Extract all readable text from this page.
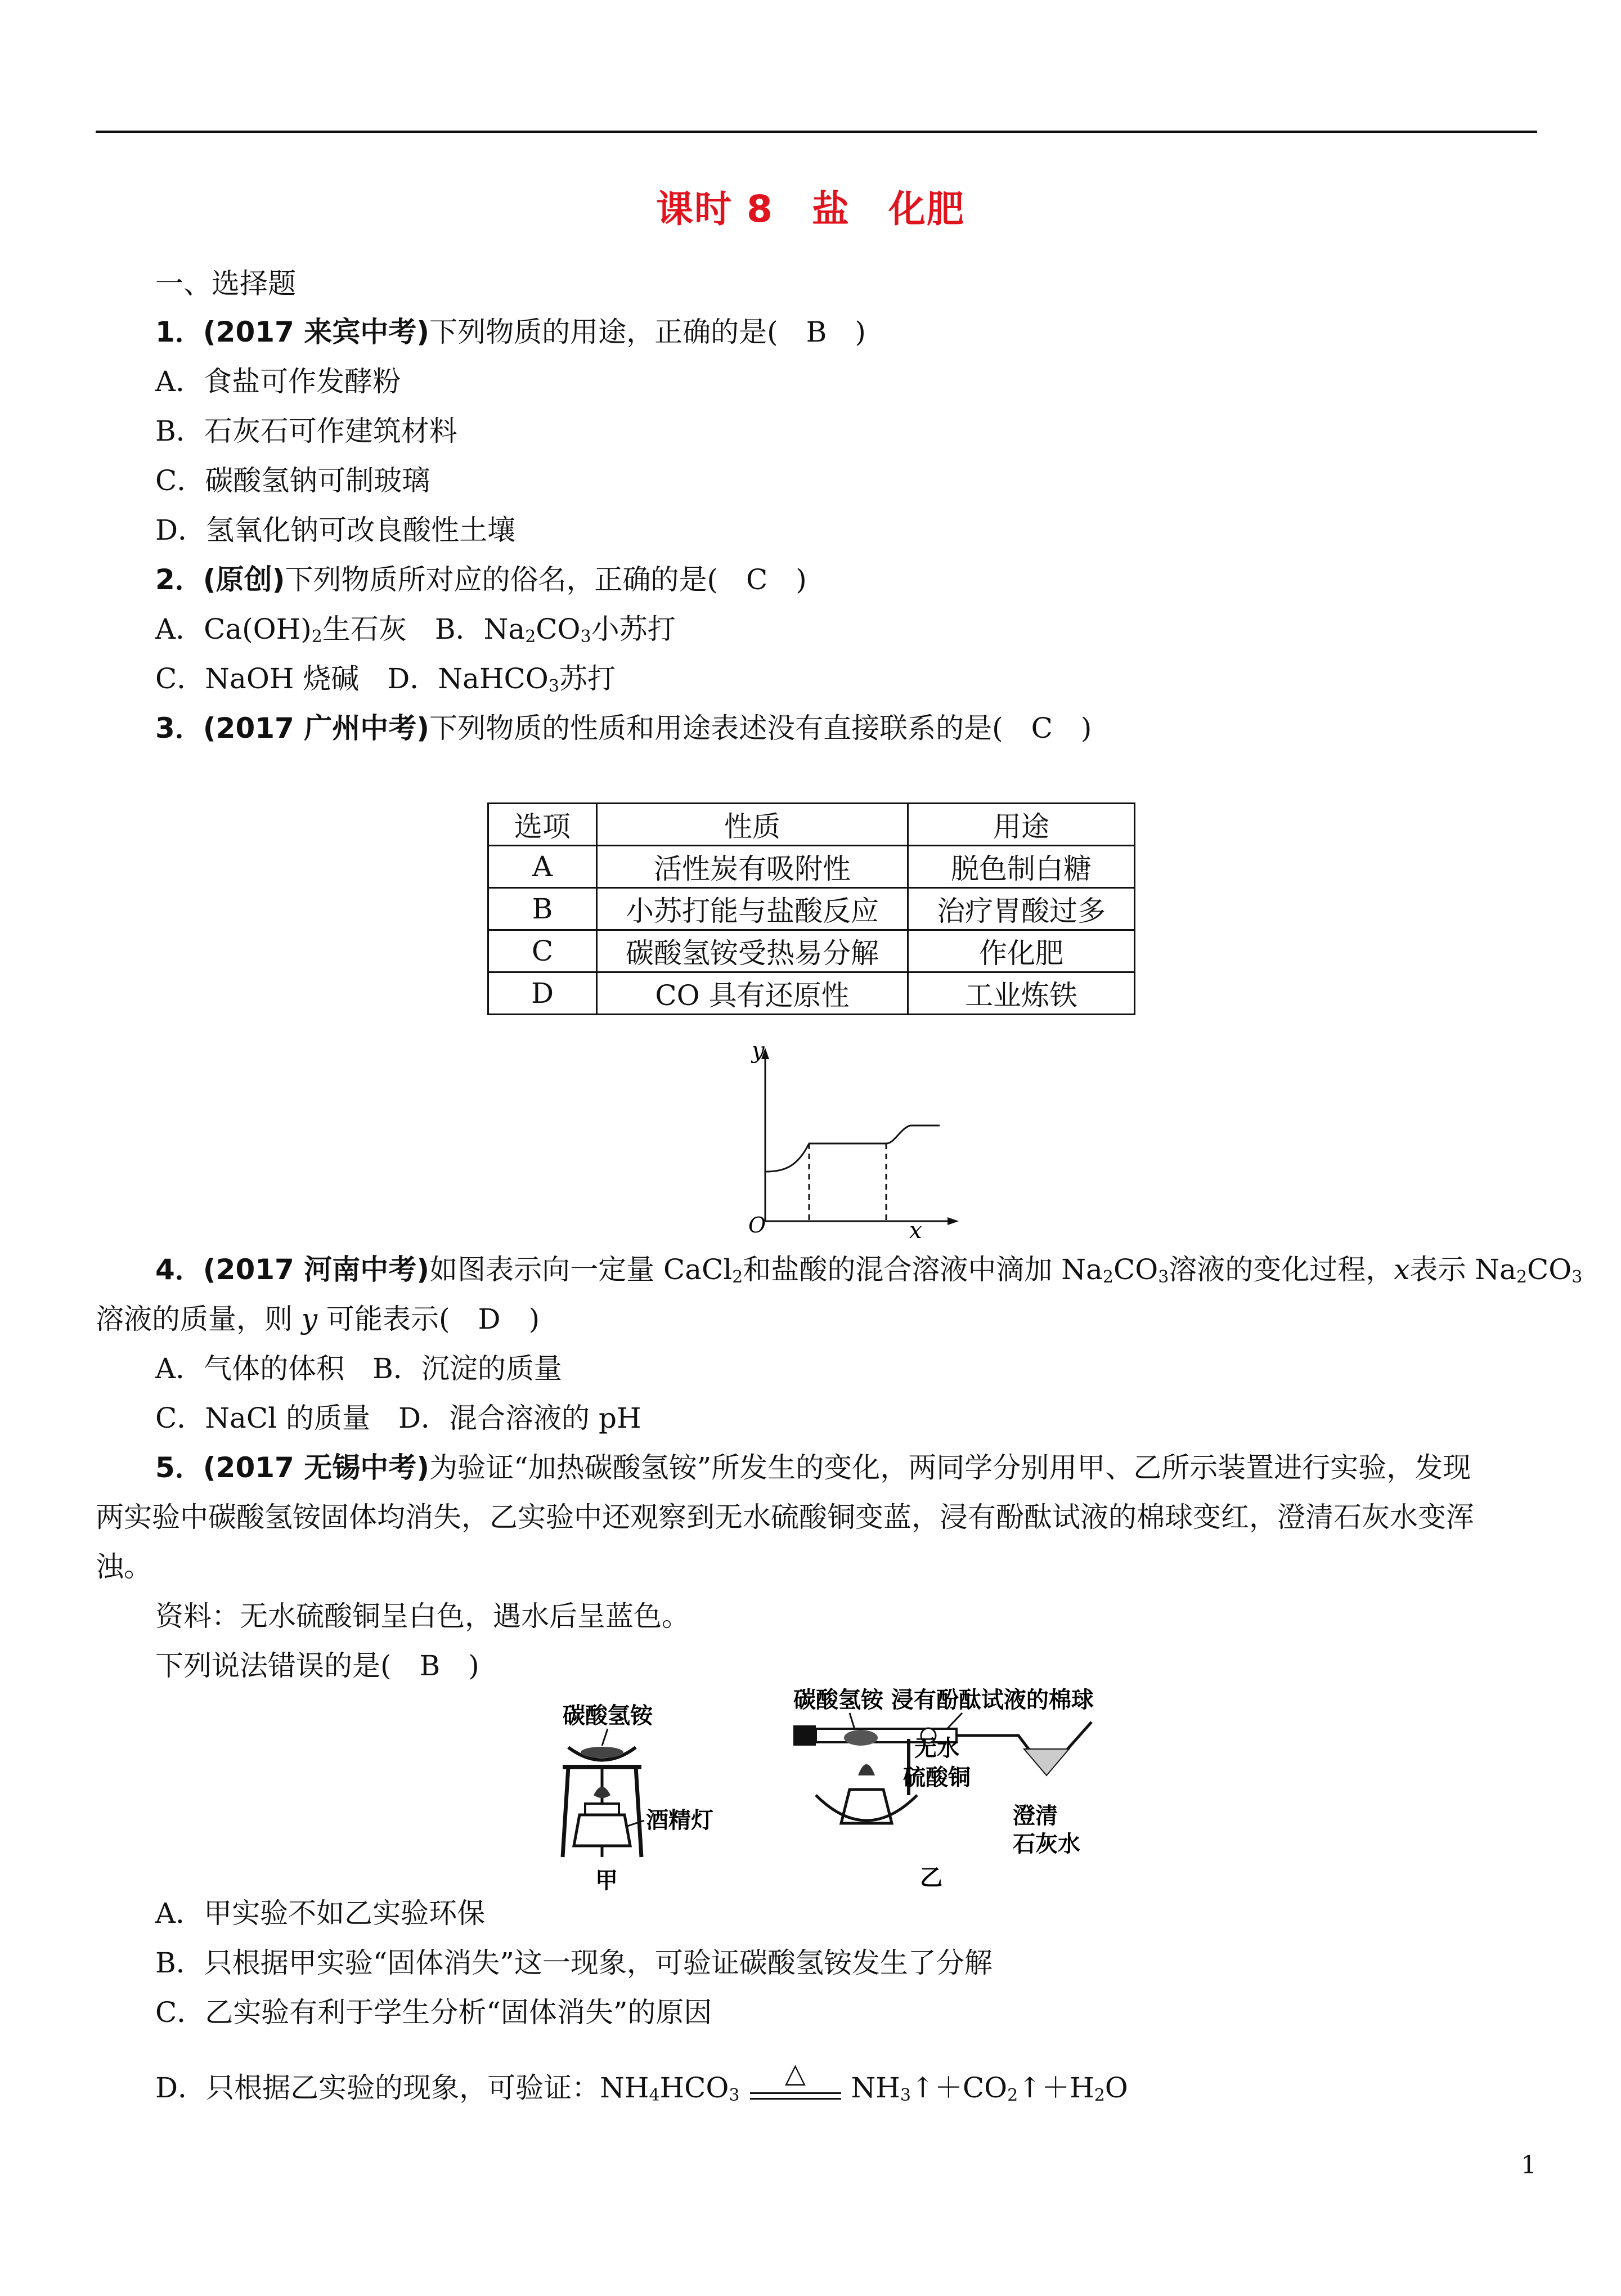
课时 8　盐　化肥
一、选择题
1．(2017 来宾中考)下列物质的用途，正确的是(　B　)
A．食盐可作发酵粉
B．石灰石可作建筑材料
C．碳酸氢钠可制玻璃
D．氢氧化钠可改良酸性土壤
2．(原创)下列物质所对应的俗名，正确的是(　C　)
A．$Ca(OH)_2$生石灰　B．$Na_2CO_3$小苏打
C．NaOH 烧碱　D．NaHCO$_3$苏打
3．(2017 广州中考)下列物质的性质和用途表述没有直接联系的是(　C　)
选项	性质	用途
A	活性炭有吸附性	脱色制白糖
B	小苏打能与盐酸反应	治疗胃酸过多
C	碳酸氢铵受热易分解	作化肥
D	CO 具有还原性	工业炼铁
y
O	x
4．(2017 河南中考)如图表示向一定量 CaCl$_2$和盐酸的混合溶液中滴加 $Na_2CO_3$溶液的变化过程，x表示 $Na_2CO_3$
溶液的质量，则 y 可能表示(　D　)
A．气体的体积　B．沉淀的质量
C．NaCl 的质量　D．混合溶液的 pH
5．(2017 无锡中考)为验证“加热碳酸氢铵”所发生的变化，两同学分别用甲、乙所示装置进行实验，发现
两实验中碳酸氢铵固体均消失，乙实验中还观察到无水硫酸铜变蓝，浸有酚酞试液的棉球变红，澄清石灰水变浑
浊。
资料：无水硫酸铜呈白色，遇水后呈蓝色。
下列说法错误的是(　B　)
碳酸氢铵
酒精灯
甲
碳酸氢铵 浸有酚酞试液的棉球
无水
硫酸铜
澄清
石灰水
乙
A．甲实验不如乙实验环保
B．只根据甲实验“固体消失”这一现象，可验证碳酸氢铵发生了分解
C．乙实验有利于学生分析“固体消失”的原因
D．只根据乙实验的现象，可验证：$NH_4HCO_3$
△	$NH_3↑+CO_2↑+H_2O$
1
